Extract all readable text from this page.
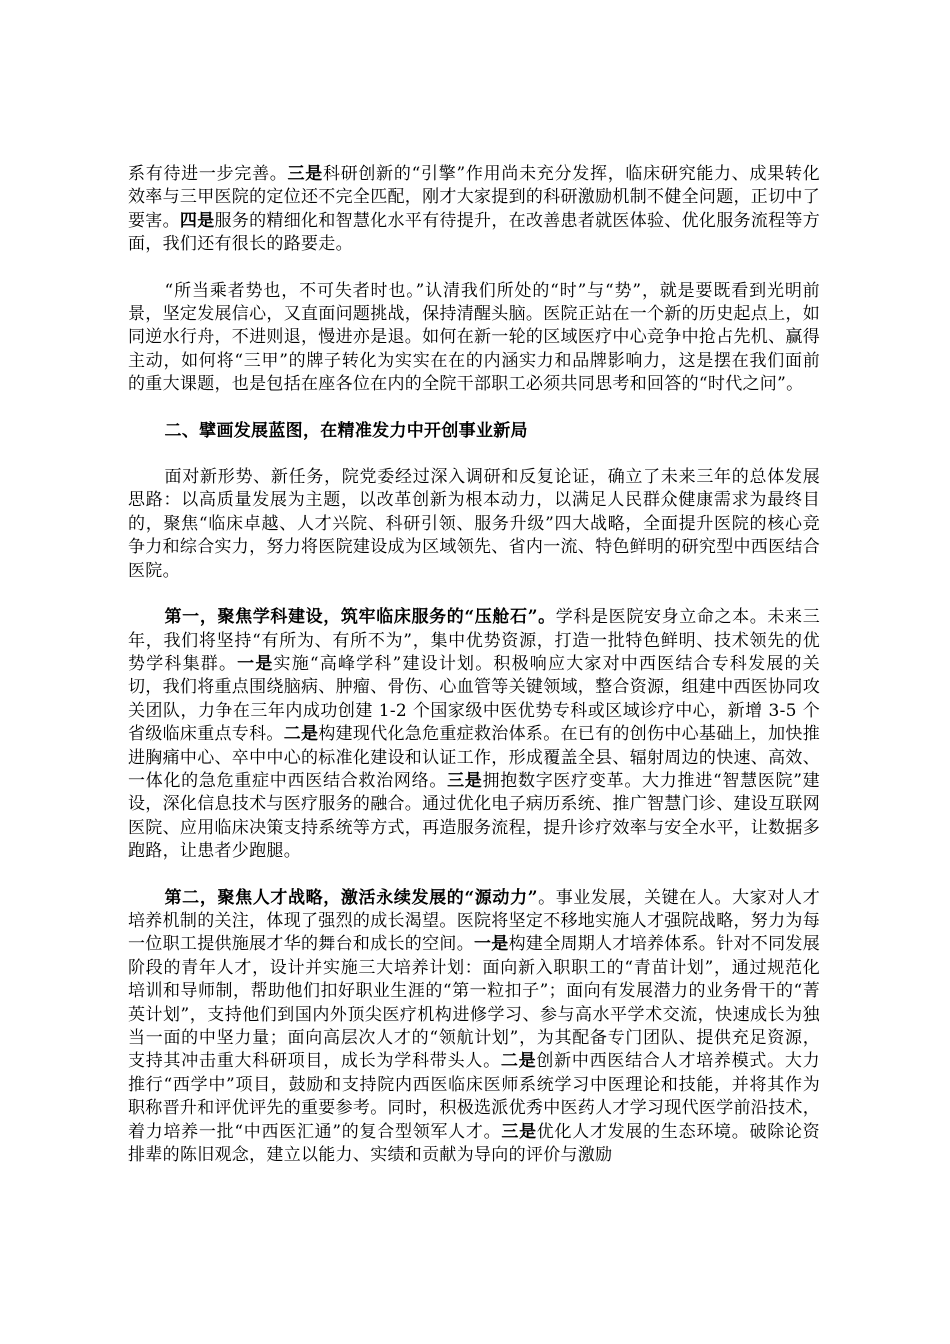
系有待进一步完善。三是科研创新的“引擎”作用尚未充分发挥，临床研究能力、成果转化效率与三甲医院的定位还不完全匹配，刚才大家提到的科研激励机制不健全问题，正切中了要害。四是服务的精细化和智慧化水平有待提升，在改善患者就医体验、优化服务流程等方面，我们还有很长的路要走。

“所当乘者势也，不可失者时也。”认清我们所处的“时”与“势”，就是要既看到光明前景，坚定发展信心，又直面问题挑战，保持清醒头脑。医院正站在一个新的历史起点上，如同逆水行舟，不进则退，慢进亦是退。如何在新一轮的区域医疗中心竞争中抢占先机、赢得主动，如何将“三甲”的牌子转化为实实在在的内涵实力和品牌影响力，这是摆在我们面前的重大课题，也是包括在座各位在内的全院干部职工必须共同思考和回答的“时代之问”。

二、擘画发展蓝图，在精准发力中开创事业新局

面对新形势、新任务，院党委经过深入调研和反复论证，确立了未来三年的总体发展思路：以高质量发展为主题，以改革创新为根本动力，以满足人民群众健康需求为最终目的，聚焦“临床卓越、人才兴院、科研引领、服务升级”四大战略，全面提升医院的核心竞争力和综合实力，努力将医院建设成为区域领先、省内一流、特色鲜明的研究型中西医结合医院。

第一，聚焦学科建设，筑牢临床服务的“压舱石”。学科是医院安身立命之本。未来三年，我们将坚持“有所为、有所不为”，集中优势资源，打造一批特色鲜明、技术领先的优势学科集群。一是实施“高峰学科”建设计划。积极响应大家对中西医结合专科发展的关切，我们将重点围绕脑病、肿瘤、骨伤、心血管等关键领域，整合资源，组建中西医协同攻关团队，力争在三年内成功创建 1-2 个国家级中医优势专科或区域诊疗中心，新增 3-5 个省级临床重点专科。二是构建现代化急危重症救治体系。在已有的创伤中心基础上，加快推进胸痛中心、卒中中心的标准化建设和认证工作，形成覆盖全县、辐射周边的快速、高效、一体化的急危重症中西医结合救治网络。三是拥抱数字医疗变革。大力推进“智慧医院”建设，深化信息技术与医疗服务的融合。通过优化电子病历系统、推广智慧门诊、建设互联网医院、应用临床决策支持系统等方式，再造服务流程，提升诊疗效率与安全水平，让数据多跑路，让患者少跑腿。

第二，聚焦人才战略，激活永续发展的“源动力”。事业发展，关键在人。大家对人才培养机制的关注，体现了强烈的成长渴望。医院将坚定不移地实施人才强院战略，努力为每一位职工提供施展才华的舞台和成长的空间。一是构建全周期人才培养体系。针对不同发展阶段的青年人才，设计并实施三大培养计划：面向新入职职工的“青苗计划”，通过规范化培训和导师制，帮助他们扣好职业生涯的“第一粒扣子”；面向有发展潜力的业务骨干的“菁英计划”，支持他们到国内外顶尖医疗机构进修学习、参与高水平学术交流，快速成长为独当一面的中坚力量；面向高层次人才的“领航计划”，为其配备专门团队、提供充足资源，支持其冲击重大科研项目，成长为学科带头人。二是创新中西医结合人才培养模式。大力推行“西学中”项目，鼓励和支持院内西医临床医师系统学习中医理论和技能，并将其作为职称晋升和评优评先的重要参考。同时，积极选派优秀中医药人才学习现代医学前沿技术，着力培养一批“中西医汇通”的复合型领军人才。三是优化人才发展的生态环境。破除论资排辈的陈旧观念，建立以能力、实绩和贡献为导向的评价与激励
